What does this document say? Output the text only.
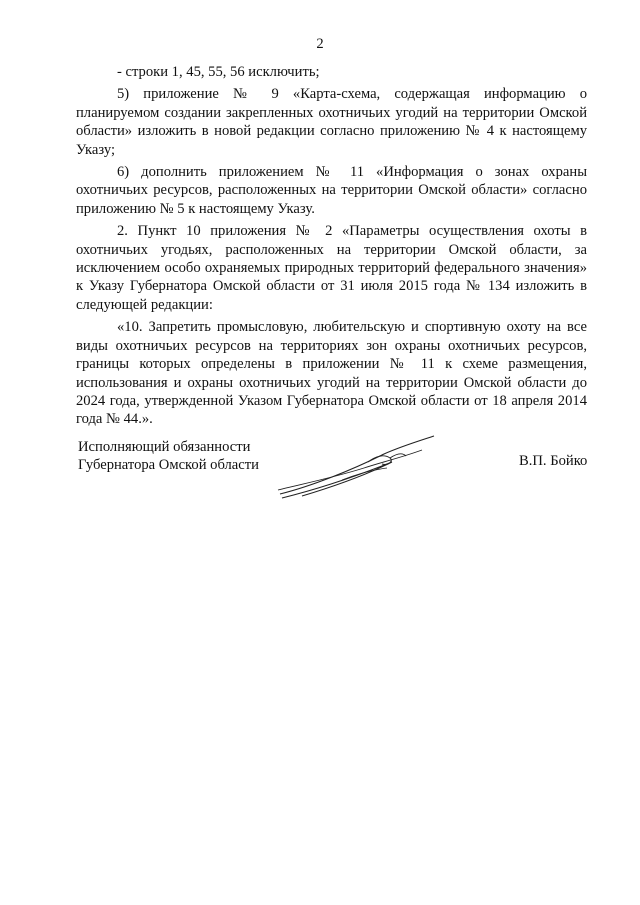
2

- строки 1, 45, 55, 56 исключить;

5) приложение № 9 «Карта-схема, содержащая информацию о планируемом создании закрепленных охотничьих угодий на территории Омской области» изложить в новой редакции согласно приложению № 4 к настоящему Указу;

6) дополнить приложением № 11 «Информация о зонах охраны охотничьих ресурсов, расположенных на территории Омской области» согласно приложению № 5 к настоящему Указу.

2. Пункт 10 приложения № 2 «Параметры осуществления охоты в охотничьих угодьях, расположенных на территории Омской области, за исключением особо охраняемых природных территорий федерального значения» к Указу Губернатора Омской области от 31 июля 2015 года № 134 изложить в следующей редакции:

«10. Запретить промысловую, любительскую и спортивную охоту на все виды охотничьих ресурсов на территориях зон охраны охотничьих ресурсов, границы которых определены в приложении № 11 к схеме размещения, использования и охраны охотничьих угодий на территории Омской области до 2024 года, утвержденной Указом Губернатора Омской области от 18 апреля 2014 года № 44.».

Исполняющий обязанности
Губернатора Омской области	В.П. Бойко
